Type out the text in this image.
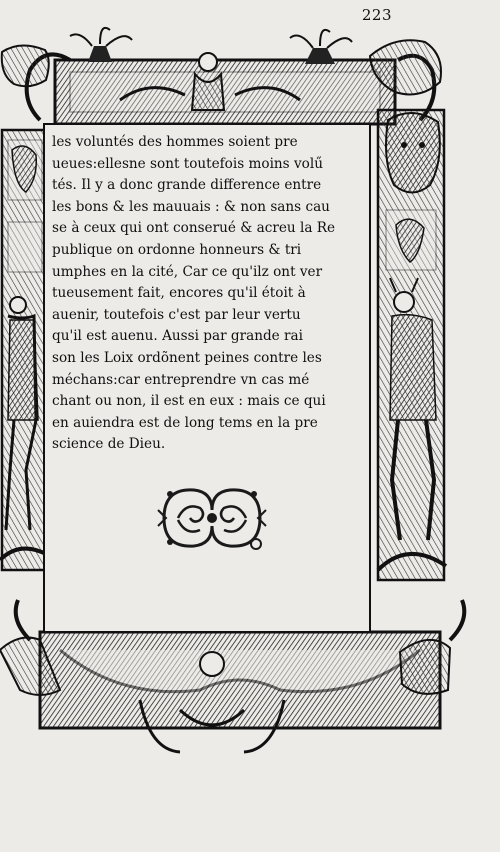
223
les voluntés des hommes soient pre
ueues:ellesne sont toutefois moins volű
tés. Il y a donc grande difference entre
les bons & les mauuais : & non sans cau
se à ceux qui ont conserué & acreu la Re
publique on ordonne honneurs & tri
umphes en la cité, Car ce qu'ilz ont ver
tueusement fait, encores qu'il étoit à
auenir, toutefois c'est par leur vertu
qu'il est auenu. Aussi par grande rai
son les Loix ordõnent peines contre les
méchans:car entreprendre vn cas mé
chant ou non, il est en eux : mais ce qui
en auiendra est de long tems en la pre
science de Dieu.
